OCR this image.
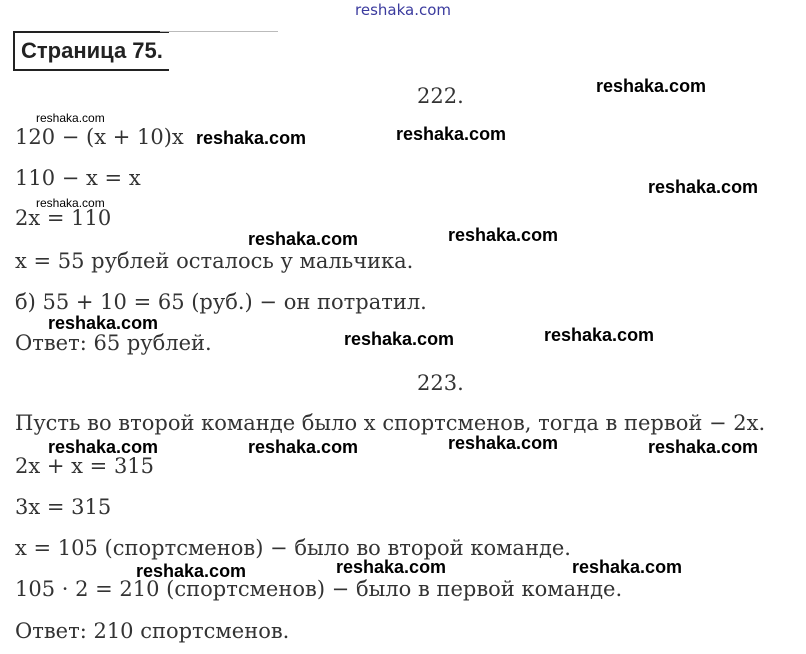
reshaka.com
Страница 75.
222.
120 − (x + 10)x
110 − x = x
2x = 110
x = 55 рублей осталось у мальчика.
б) 55 + 10 = 65 (руб.) − он потратил.
Ответ: 65 рублей.
223.
Пусть во второй команде было x спортсменов, тогда в первой − 2x.
2x + x = 315
3x = 315
x = 105 (спортсменов) − было во второй команде.
105 · 2 = 210 (спортсменов) − было в первой команде.
Ответ: 210 спортсменов.
reshaka.com
reshaka.com	reshaka.com
reshaka.com
reshaka.com	reshaka.com
reshaka.com
reshaka.com	reshaka.com
reshaka.com	reshaka.com	reshaka.com	reshaka.com
reshaka.com	reshaka.com	reshaka.com
reshaka.com
reshaka.com
